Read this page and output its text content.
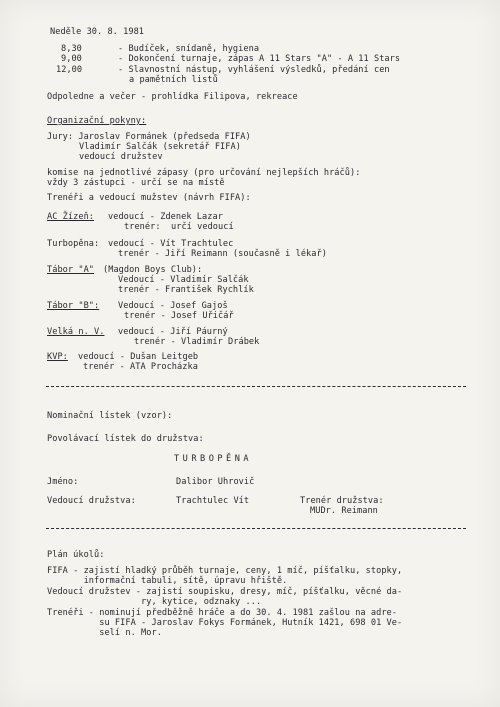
Neděle 30. 8. 1981
8,30	- Budíček, snídaně, hygiena
9,00	- Dokončení turnaje, zápas A 11 Stars "A" - A 11 Stars
12,00	- Slavnostní nástup, vyhlášení výsledků, předání cen
a pamětních listů
Odpoledne a večer - prohlídka Filipova, rekreace
Organizační pokyny:
Jury: Jaroslav Formánek (předseda FIFA)
Vladimír Salčák (sekretář FIFA)
vedoucí družstev
komise na jednotlivé zápasy (pro určování nejlepších hráčů):
vždy 3 zástupci - určí se na místě
Trenéři a vedoucí mužstev (návrh FIFA):
AC Žízeň: vedoucí - Zdenek Lazar
trenér:  určí vedoucí
Turbopěna: vedoucí - Vít Trachtulec
trenér - Jiří Reimann (současně i lékař)
Tábor "A" (Magdon Boys Club):
Vedoucí - Vladimír Salčák
trenér - František Rychlík
Tábor "B": Vedoucí - Josef Gajoš
trenér - Josef Uřičář
Velká n. V. vedoucí - Jiří Páurný
trenér - Vladimír Drábek
KVP: vedoucí - Dušan Leitgeb
trenér - ATA Procházka
Nominační lístek (vzor):
Povolávací lístek do družstva:
TURBOPĚNA
Jméno:	Dalibor Uhrovič
Vedoucí družstva:	Trachtulec Vít	Trenér družstva:
MUDr. Reimann
Plán úkolů:
FIFA - zajistí hladký průběh turnaje, ceny, 1 míč, píšťalku, stopky,
informační tabuli, sítě, úpravu hřiště.
Vedoucí družstev - zajistí soupisku, dresy, míč, píšťalku, věcné da-
ry, kytice, odznaky ...
Trenéři - nominují předběžně hráče a do 30. 4. 1981 zašlou na adre-
su FIFA - Jaroslav Fokys Formánek, Hutník 1421, 698 01 Ve-
selí n. Mor.
